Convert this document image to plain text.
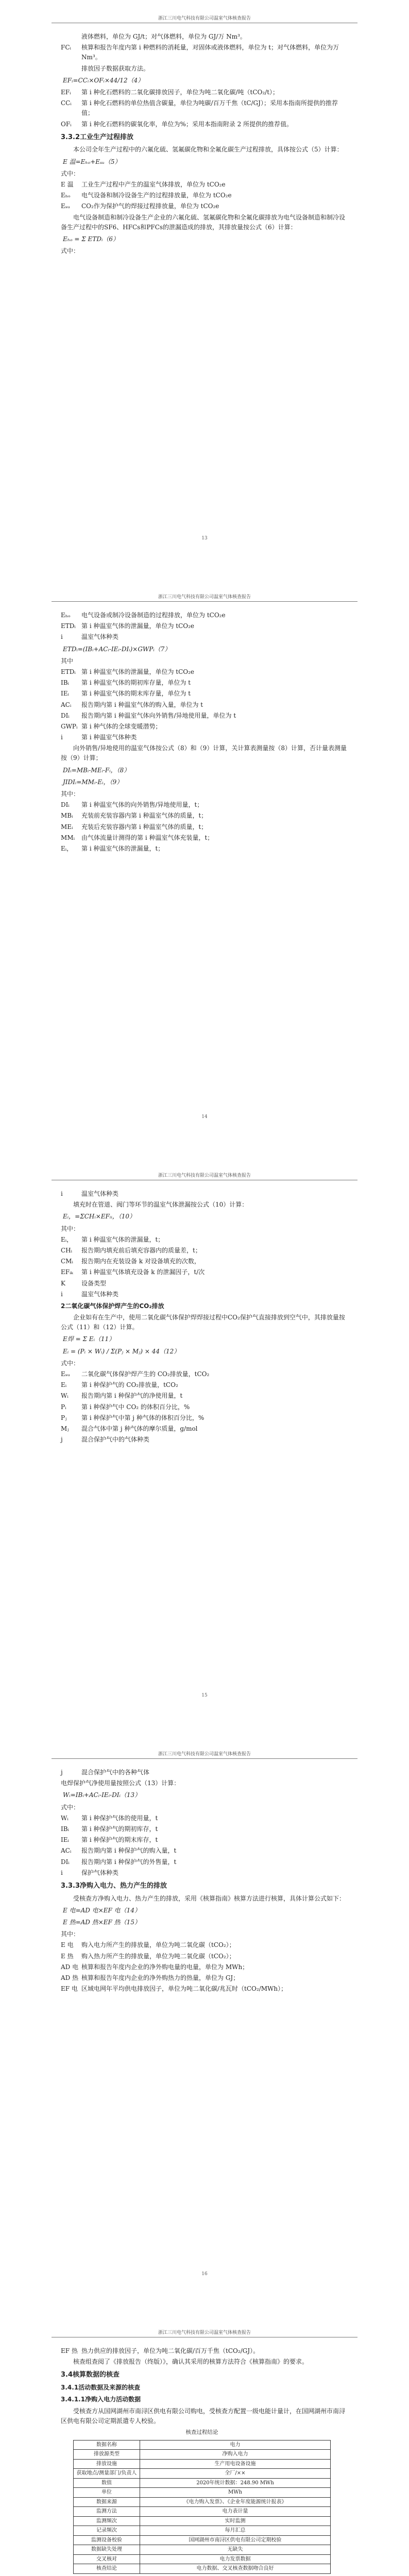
浙江三川电气科技有限公司温室气体核查报告
液体燃料，单位为 GJ/t；对气体燃料，单位为 GJ/万 Nm³。
FCᵢ	核算和报告年度内第 i 种燃料的消耗量，对固体或液体燃料，单位为 t；对气体燃料，单位为万 Nm³。
排放因子数据获取方法。
EFᵢ=CCᵢ×OFᵢ×44/12（4）
EFᵢ	第 i 种化石燃料的二氧化碳排放因子，单位为吨二氧化碳/吨（tCO₂/t）；
CCᵢ	第 i 种化石燃料的单位热值含碳量，单位为吨碳/百万千焦（tC/GJ）；采用本指南所提供的推荐值；
OFᵢ	第 i 种化石燃料的碳氧化率，单位为%；采用本指南附录 2 所提供的推荐值。
3.3.2工业生产过程排放
本公司全年生产过程中的六氟化硫、氢氟碳化物和全氟化碳生产过程排放，具体按公式（5）计算：
E 温=Eₕₒ+Eₛᵤ（5）
式中：
E 温	工业生产过程中产生的温室气体排放，单位为 tCO₂e
Eₕₒ	电气设备和制冷设备生产的过程排放量，单位为 tCO₂e
Eₛᵤ	CO₂作为保护气的焊接过程排放量，单位为 tCO₂e
电气设备制造和制冷设备生产企业的六氟化硫、氢氟碳化物和全氟化碳排放为电气设备制造和制冷设备生产过程中的SF6、HFCs和PFCs的泄漏造成的排放，其排放量按公式（6）计算：
Eₕₒ = Σ ETDᵢ（6）
式中：
13
浙江三川电气科技有限公司温室气体核查报告
Eₕₒ	电气设备或制冷设备制造的过程排放，单位为 tCO₂e
ETDᵢ 第 i 种温室气体的泄漏量，单位为 tCO₂e
i	温室气体种类
ETDᵢ=(IBᵢ+ACᵢ-IEᵢ-DIᵢ)×GWPᵢ（7）
其中
ETDᵢ 第 i 种温室气体的泄漏量，单位为 tCO₂e
IBᵢ	第 i 种温室气体的期初库存量，单位为 t
IEᵢ	第 i 种温室气体的期末库存量，单位为 t
ACᵢ	报告期内第 i 种温室气体的购入量，单位为 t
DIᵢ	报告期内第 i 种温室气体向外销售/异地使用量，单位为 t
GWPᵢ 第 i 种气体的全球变暖潜势；
i	第 i 种温室气体种类
向外销售/异地使用的温室气体按公式（8）和（9）计算，关计算表测量按（8）计算，否计量表测量按（9）计算；
DIᵢ=MBᵢ-MEᵢ-Fᵢ，（8）
JIDIᵢ=MMᵢ-Eᵢ，（9）
其中：
DIᵢ	第 i 种温室气体的向外销售/异地使用量，t；
MBᵢ	充装前充装容器内第 i 种温室气体的质量，t；
MEᵢ	充装后充装容器内第 i 种温室气体的质量，t；
MMᵢ	由气体流量计测得的第 i 种温室气体充装量，t；
Eᵢ，	第 i 种温室气体的泄漏量，t；
14
浙江三川电气科技有限公司温室气体核查报告
i	温室气体种类
填充时在管道、阀门等环节的温室气体泄漏按公式（10）计算：
Eᵢ，=ΣCHᵢ×EFᵢᵢ，（10）
其中：
Eᵢ，	第 i 种温室气体的泄漏量，t；
CHᵢ	报告期内填充前后填充容器内的质量差，t；
CMᵢ	报告期内在充装设备 k 对设备填充的次数，
EFᵢₖ	第 i 种温室气体填充设备 k 的泄漏因子，t/次
K	设备类型
i	温室气体种类
2二氧化碳气体保护焊产生的CO₂排放
企业如有在生产中，使用二氧化碳气体保护焊焊接过程中CO₂保护气直接排放到空气中，其排放量按公式（11）和（12）计算。
E焊 = Σ Eᵢ（11）
Eᵢ = (Pᵢ × Wᵢ) / Σ(Pⱼ × Mⱼ) × 44（12）
式中：
Eₛᵤ	二氧化碳气体保护焊产生的 CO₂排放量，tCO₂
Eᵢ	第 i 种保护气的 CO₂排放量，tCO₂
Wᵢ	报告期内第 i 种保护气的净使用量，t
Pᵢ	第 i 种保护气中 CO₂ 的体积百分比，%
Pⱼ	第 i 种保护气中第 j 种气体的体积百分比，%
Mⱼ	混合气体中第 j 种气体的摩尔质量，g/mol
j	混合保护气中的气体种类
15
浙江三川电气科技有限公司温室气体核查报告
j	混合保护气中的各种气体
电焊保护气净使用量按照公式（13）计算：
Wᵢ=IBᵢ+ACᵢ-IEᵢ-DIᵢ（13）
式中：
Wᵢ	第 i 种保护气体的使用量，t
IBᵢ	第 i 种保护气的期初库存，t
IEᵢ	第 i 种保护气的期末库存，t
ACᵢ	报告期内第 i 种保护气的购入量，t
DIᵢ	报告期内第 i 种保护气的外售量，t
i	保护气体种类
3.3.3净购入电力、热力产生的排放
受核查方净购入电力、热力产生的排放，采用《核算指南》核算方法进行核算，具体计算公式如下：
E 电=AD 电×EF 电（14）
E 热=AD 热×EF 热（15）
其中：
E 电	购入电力所产生的排放量，单位为吨二氧化碳（tCO₂）；
E 热	购入热力所产生的排放量，单位为吨二氧化碳（tCO₂）；
AD 电 核算和报告年度内企业的净外购电量的电量，单位为 MWh；
AD 热 核算和报告年度内企业的净外购热力的热量，单位为 GJ；
EF 电 区域电网年平均供电排放因子，单位为吨二氧化碳/兆瓦时（tCO₂/MWh）；
16
浙江三川电气科技有限公司温室气体核查报告
EF 热 热力供应的排放因子，单位为吨二氧化碳/百万千焦（tCO₂/GJ）。
核查组查阅了《排放报告（终版）》，确认其采用的核算方法符合《核算指南》的要求。
3.4核算数据的核查
3.4.1活动数据及来源的核查
3.4.1.1净购入电力活动数据
受核查方从国网湖州市南浔区供电有限公司购电，受核查方配置一级电能计量计，在国网湖州市南浔区供电有限公司定期派遣专人校验。
核查过程结论
数据名称	电力
排放源类型	净购入电力
排放设施	生产用电设备设施
获取地点/测量部门/负责人	全厂/××
数值	2020年统计数据：248.90 MWh
单位	MWh
数据来源	《电力购入发票》、《企业年度能源统计报表》
监测方法	电力表计量
监测频次	实时监测
记录频次	每月汇总
监测设备校验	国网湖州市南浔区供电有限公司定期校验
数据缺失处理	无缺失
交叉核对	电力发票数据
核查结论	电力数据、交叉核查数据吻合良好
